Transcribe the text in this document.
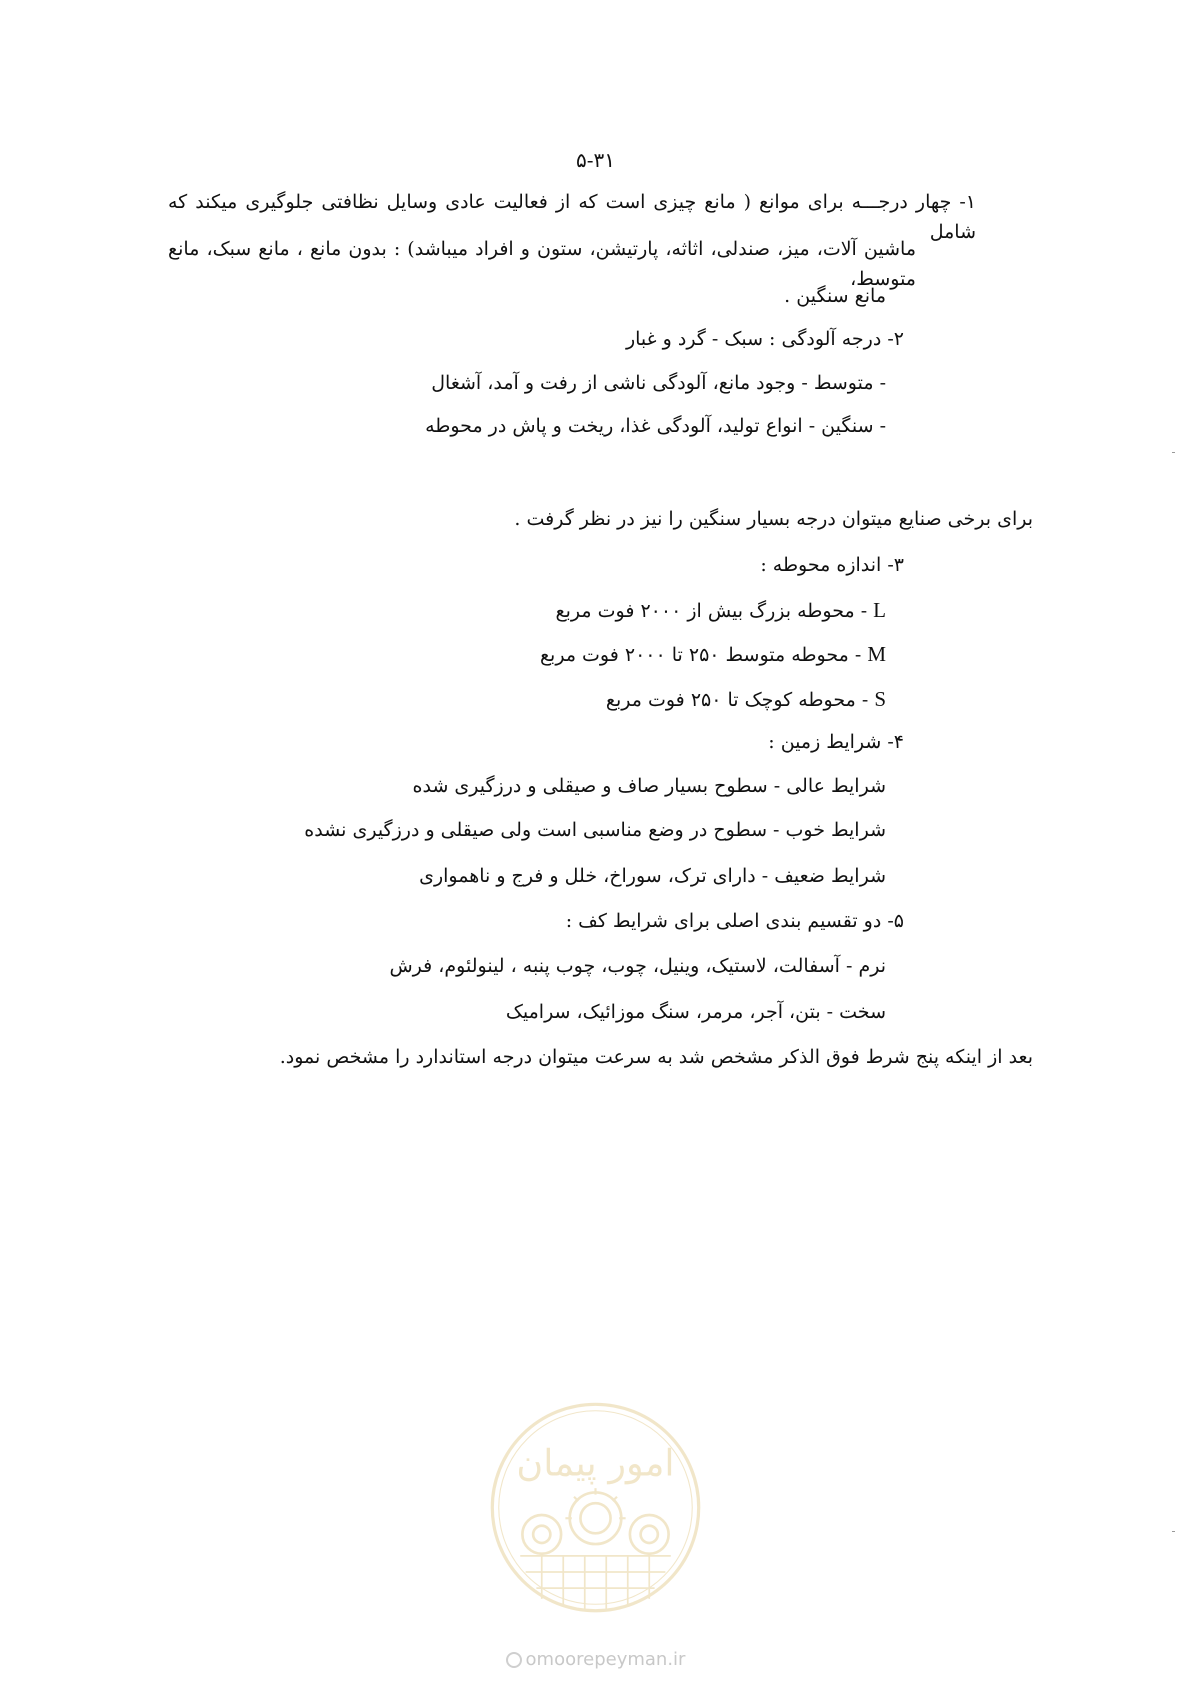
۵-۳۱

۱- چهار درجـــه برای موانع ( مانع چیزی است که از فعالیت عادی وسایل نظافتی جلوگیری میکند که شامل

ماشین آلات، میز، صندلی، اثاثه، پارتیشن، ستون و افراد میباشد) : بدون مانع ، مانع سبک، مانع متوسط،

مانع سنگین .

۲- درجه آلودگی : سبک - گرد و غبار

- متوسط - وجود مانع، آلودگی ناشی از رفت و آمد، آشغال

- سنگین - انواع تولید، آلودگی غذا، ریخت و پاش در محوطه

برای برخی صنایع میتوان درجه بسیار سنگین را نیز در نظر گرفت .

۳- اندازه محوطه :

L - محوطه بزرگ بیش از ۲۰۰۰ فوت مربع

M - محوطه متوسط ۲۵۰ تا ۲۰۰۰ فوت مربع

S - محوطه کوچک تا ۲۵۰ فوت مربع

۴- شرایط زمین :

شرایط عالی - سطوح بسیار صاف و صیقلی و درزگیری شده

شرایط خوب - سطوح در وضع مناسبی است ولی صیقلی و درزگیری نشده

شرایط ضعیف - دارای ترک، سوراخ، خلل و فرج و ناهمواری

۵- دو تقسیم بندی اصلی برای شرایط کف :

نرم - آسفالت، لاستیک، وینیل، چوب، چوب پنبه ، لینولئوم، فرش

سخت - بتن، آجر، مرمر، سنگ موزائیک، سرامیک

بعد از اینکه پنج شرط فوق الذکر مشخص شد به سرعت میتوان درجه استاندارد را مشخص نمود.

امور پیمان
omoorepeyman.ir
